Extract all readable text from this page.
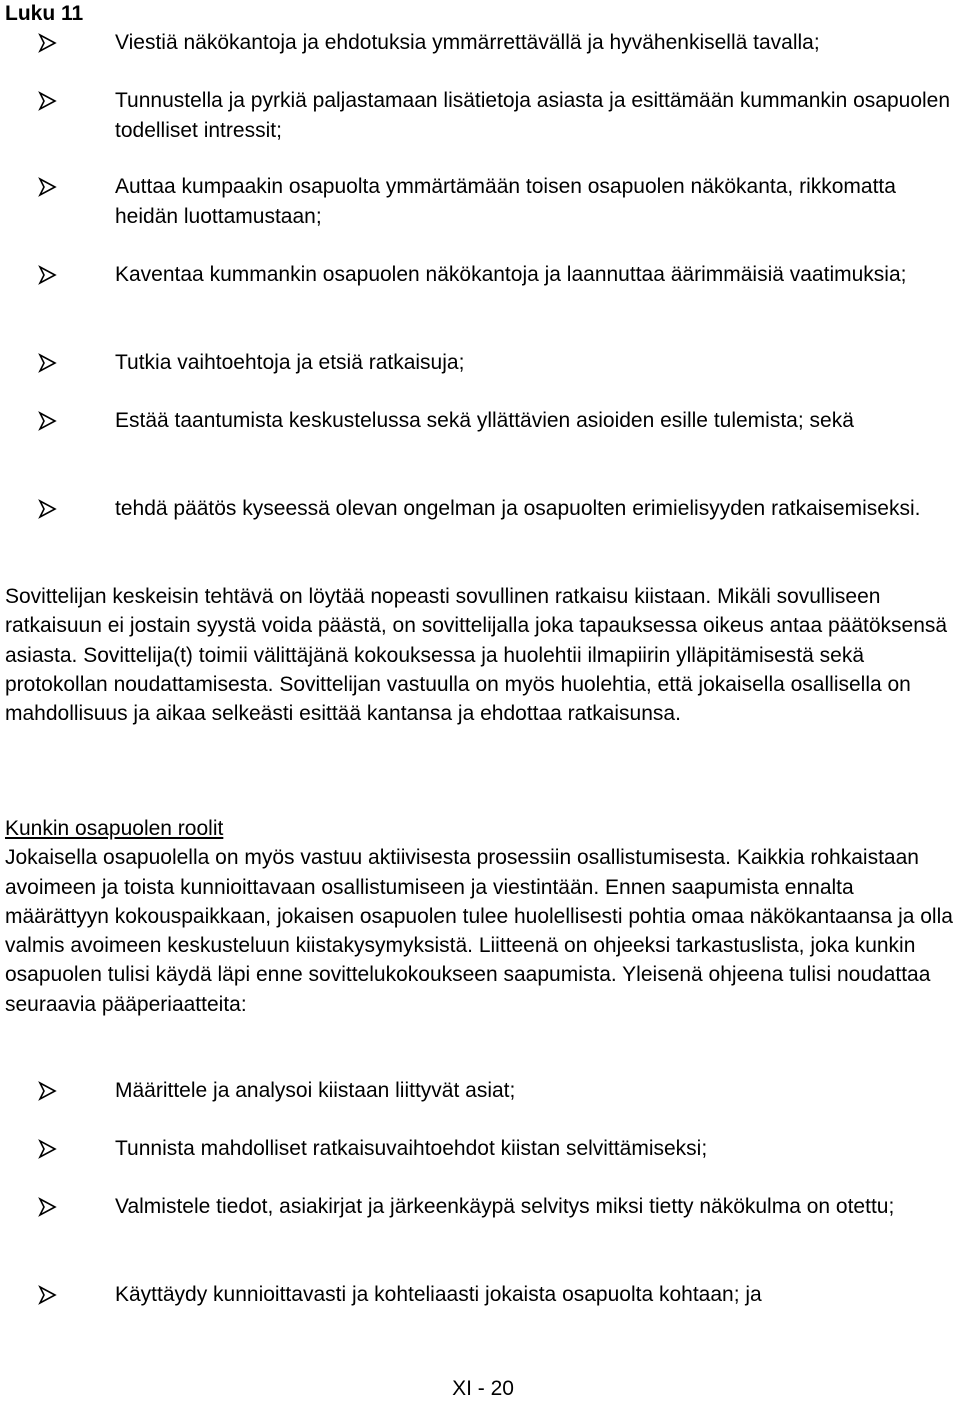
Luku 11
Viestiä näkökantoja ja ehdotuksia ymmärrettävällä ja hyvähenkisellä tavalla;
Tunnustella ja pyrkiä paljastamaan lisätietoja asiasta ja esittämään kummankin osapuolen todelliset intressit;
Auttaa kumpaakin osapuolta ymmärtämään toisen osapuolen näkökanta, rikkomatta heidän luottamustaan;
Kaventaa kummankin osapuolen näkökantoja ja laannuttaa äärimmäisiä vaatimuksia;
Tutkia vaihtoehtoja ja etsiä ratkaisuja;
Estää taantumista keskustelussa sekä yllättävien asioiden esille tulemista; sekä
tehdä päätös kyseessä olevan ongelman ja osapuolten erimielisyyden ratkaisemiseksi.
Sovittelijan keskeisin tehtävä on löytää nopeasti sovullinen ratkaisu kiistaan. Mikäli sovulliseen ratkaisuun ei jostain syystä voida päästä, on sovittelijalla joka tapauksessa oikeus antaa päätöksensä asiasta. Sovittelija(t) toimii välittäjänä kokouksessa ja huolehtii ilmapiirin ylläpitämisestä sekä protokollan noudattamisesta. Sovittelijan vastuulla on myös huolehtia, että jokaisella osallisella on mahdollisuus ja aikaa selkeästi esittää kantansa ja ehdottaa ratkaisunsa.
Kunkin osapuolen roolit
Jokaisella osapuolella on myös vastuu aktiivisesta prosessiin osallistumisesta. Kaikkia rohkaistaan avoimeen ja toista kunnioittavaan osallistumiseen ja viestintään. Ennen saapumista ennalta määrättyyn kokouspaikkaan, jokaisen osapuolen tulee huolellisesti pohtia omaa näkökantaansa ja olla valmis avoimeen keskusteluun kiistakysymyksistä. Liitteenä on ohjeeksi tarkastuslista, joka kunkin osapuolen tulisi käydä läpi enne sovittelukokoukseen saapumista. Yleisenä ohjeena tulisi noudattaa seuraavia pääperiaatteita:
Määrittele ja analysoi kiistaan liittyvät asiat;
Tunnista mahdolliset ratkaisuvaihtoehdot kiistan selvittämiseksi;
Valmistele tiedot, asiakirjat ja järkeenkäypä selvitys miksi tietty näkökulma on otettu;
Käyttäydy kunnioittavasti ja kohteliaasti jokaista osapuolta kohtaan; ja
XI - 20
